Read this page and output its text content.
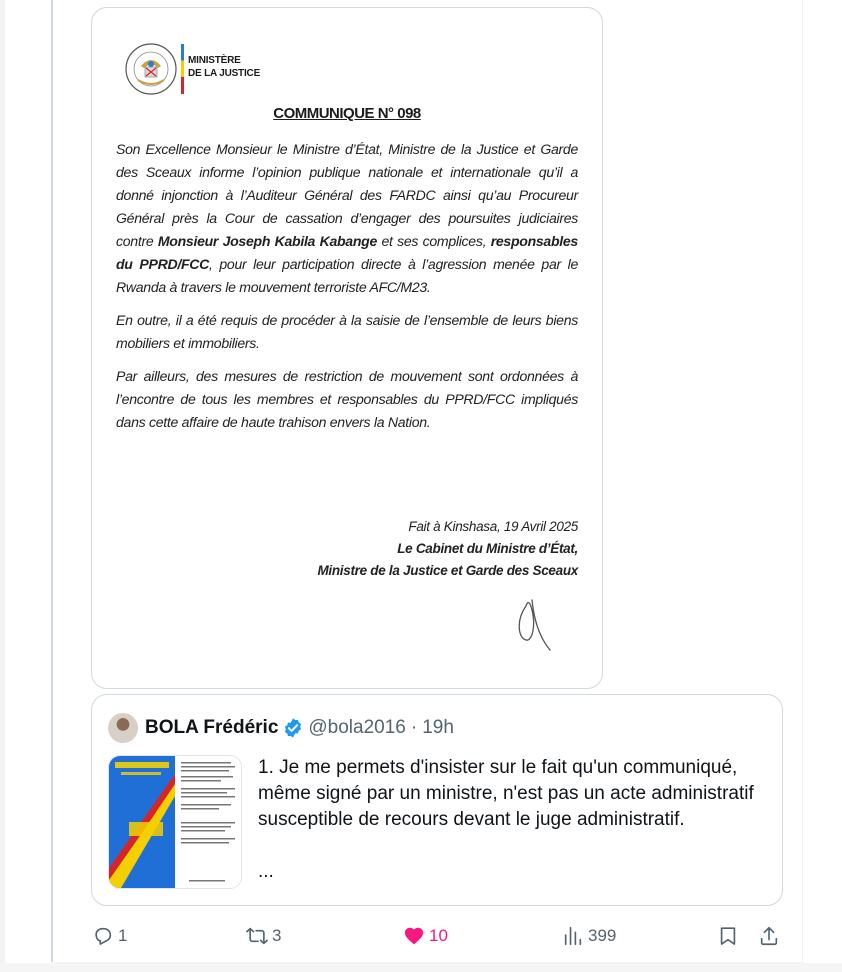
MINISTÈRE
DE LA JUSTICE
COMMUNIQUE N° 098

Son Excellence Monsieur le Ministre d’État, Ministre de la Justice et Garde des Sceaux informe l’opinion publique nationale et internationale qu’il a donné injonction à l’Auditeur Général des FARDC ainsi qu’au Procureur Général près la Cour de cassation d’engager des poursuites judiciaires contre Monsieur Joseph Kabila Kabange et ses complices, responsables du PPRD/FCC, pour leur participation directe à l’agression menée par le Rwanda à travers le mouvement terroriste AFC/M23.

En outre, il a été requis de procéder à la saisie de l’ensemble de leurs biens mobiliers et immobiliers.

Par ailleurs, des mesures de restriction de mouvement sont ordonnées à l’encontre de tous les membres et responsables du PPRD/FCC impliqués dans cette affaire de haute trahison envers la Nation.

Fait à Kinshasa, 19 Avril 2025
Le Cabinet du Ministre d’État,
Ministre de la Justice et Garde des Sceaux
BOLA Frédéric @bola2016 · 19h
1. Je me permets d'insister sur le fait qu'un communiqué, même signé par un ministre, n'est pas un acte administratif susceptible de recours devant le juge administratif.
...
1	3	10	399
